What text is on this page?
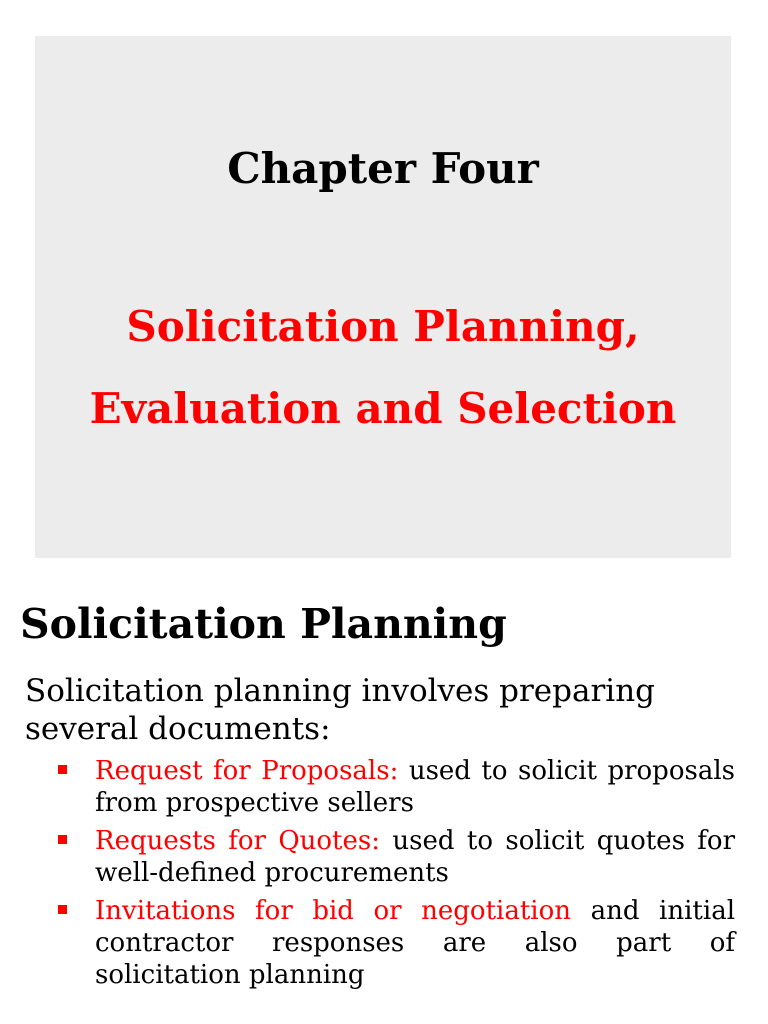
Chapter Four
Solicitation Planning,
Evaluation and Selection
Solicitation Planning

Solicitation planning involves preparing several documents:

Request for Proposals: used to solicit proposals from prospective sellers
Requests for Quotes: used to solicit quotes for well-defined procurements
Invitations for bid or negotiation and initial contractor responses are also part of solicitation planning
